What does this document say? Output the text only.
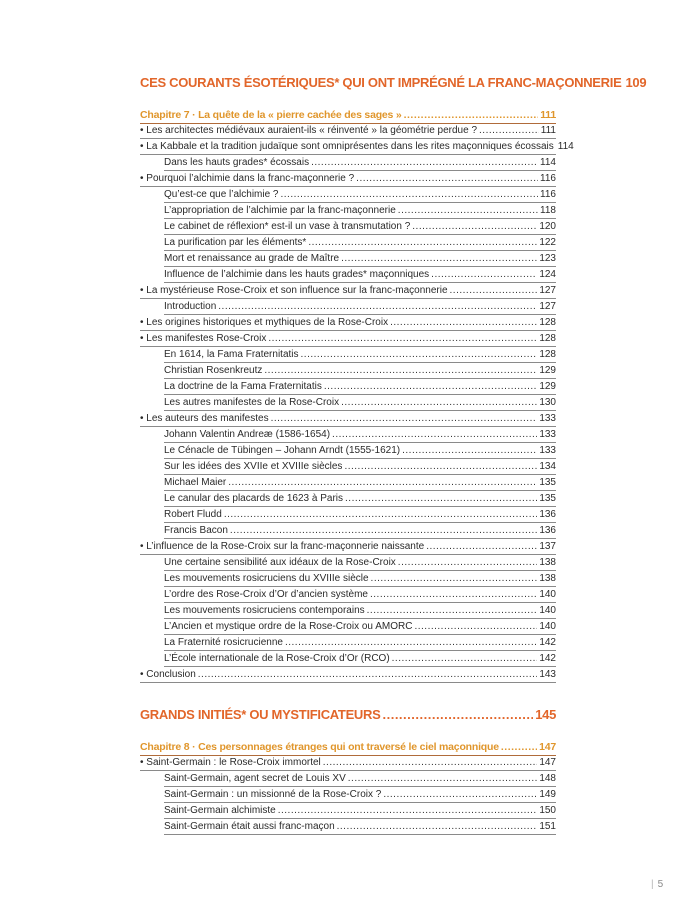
CES COURANTS ÉSOTÉRIQUES* QUI ONT IMPRÉGNÉ LA FRANC-MAÇONNERIE 109
Chapitre 7 · La quête de la « pierre cachée des sages » .....	111
• Les architectes médiévaux auraient-ils « réinventé » la géométrie perdue ? .....	111
• La Kabbale et la tradition judaïque sont omniprésentes dans les rites maçonniques écossais 114
Dans les hauts grades* écossais .....	114
• Pourquoi l’alchimie dans la franc-maçonnerie ? .....	116
Qu’est-ce que l’alchimie ? .....	116
L’appropriation de l’alchimie par la franc-maçonnerie .....	118
Le cabinet de réflexion* est-il un vase à transmutation ? .....	120
La purification par les éléments* .....	122
Mort et renaissance au grade de Maître .....	123
Influence de l’alchimie dans les hauts grades* maçonniques .....	124
• La mystérieuse Rose-Croix et son influence sur la franc-maçonnerie .....	127
Introduction .....	127
• Les origines historiques et mythiques de la Rose-Croix .....	128
• Les manifestes Rose-Croix .....	128
En 1614, la Fama Fraternitatis .....	128
Christian Rosenkreutz .....	129
La doctrine de la Fama Fraternitatis .....	129
Les autres manifestes de la Rose-Croix .....	130
• Les auteurs des manifestes .....	133
Johann Valentin Andreæ (1586-1654) .....	133
Le Cénacle de Tübingen – Johann Arndt (1555-1621) .....	133
Sur les idées des XVIIe et XVIIIe siècles .....	134
Michael Maier .....	135
Le canular des placards de 1623 à Paris .....	135
Robert Fludd .....	136
Francis Bacon .....	136
• L’influence de la Rose-Croix sur la franc-maçonnerie naissante .....	137
Une certaine sensibilité aux idéaux de la Rose-Croix .....	138
Les mouvements rosicruciens du XVIIIe siècle .....	138
L’ordre des Rose-Croix d’Or d’ancien système .....	140
Les mouvements rosicruciens contemporains .....	140
L’Ancien et mystique ordre de la Rose-Croix ou AMORC .....	140
La Fraternité rosicrucienne .....	142
L’École internationale de la Rose-Croix d’Or (RCO) .....	142
• Conclusion .....	143
GRANDS INITIÉS* OU MYSTIFICATEURS .....	145
Chapitre 8 · Ces personnages étranges qui ont traversé le ciel maçonnique .....	147
• Saint-Germain : le Rose-Croix immortel .....	147
Saint-Germain, agent secret de Louis XV .....	148
Saint-Germain : un missionné de la Rose-Croix ? .....	149
Saint-Germain alchimiste .....	150
Saint-Germain était aussi franc-maçon .....	151
| 5
